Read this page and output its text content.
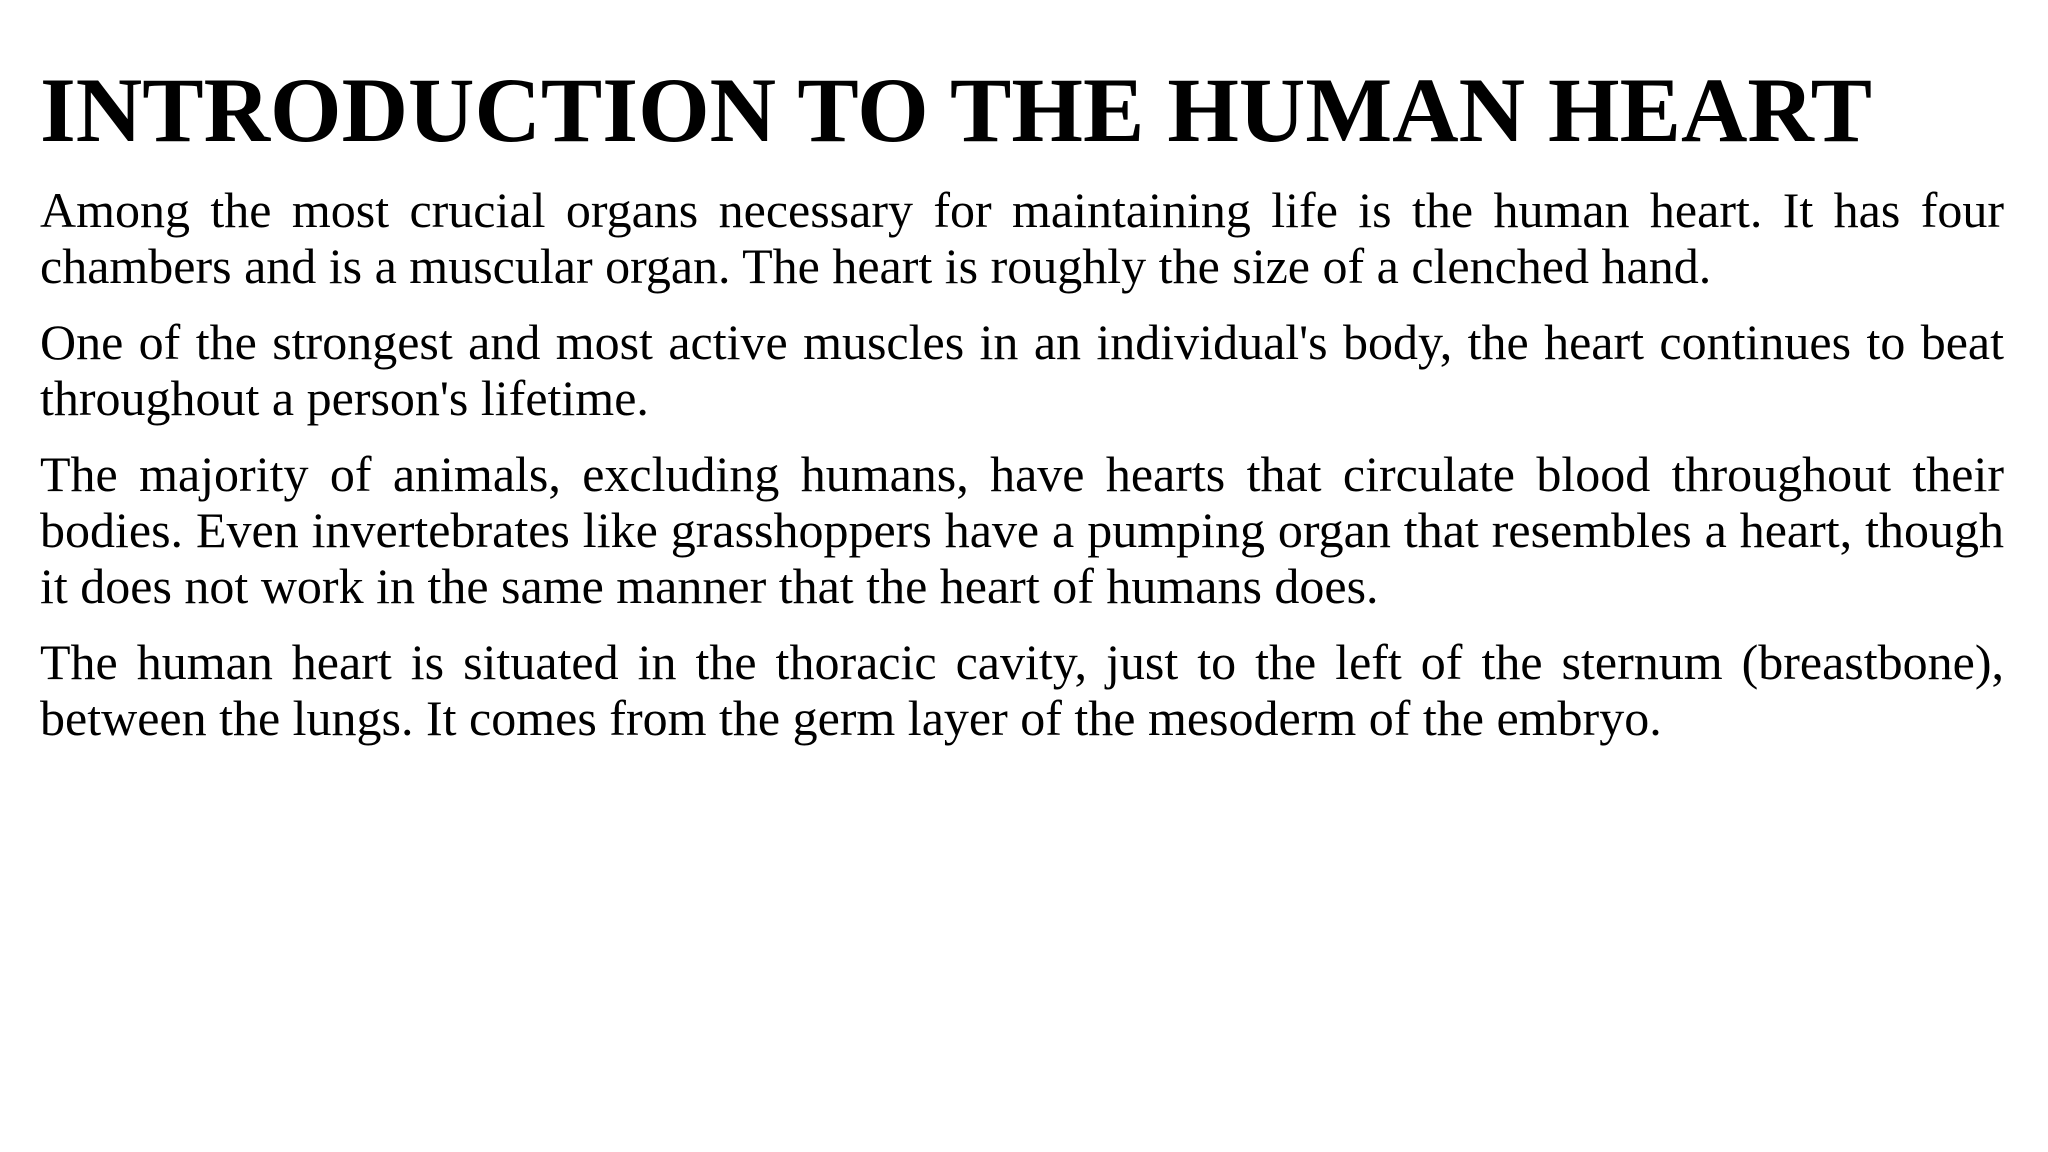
INTRODUCTION TO THE HUMAN HEART

Among the most crucial organs necessary for maintaining life is the human heart. It has four chambers and is a muscular organ. The heart is roughly the size of a clenched hand.

One of the strongest and most active muscles in an individual's body, the heart continues to beat throughout a person's lifetime.

The majority of animals, excluding humans, have hearts that circulate blood throughout their bodies. Even invertebrates like grasshoppers have a pumping organ that resembles a heart, though it does not work in the same manner that the heart of humans does.

The human heart is situated in the thoracic cavity, just to the left of the sternum (breastbone), between the lungs. It comes from the germ layer of the mesoderm of the embryo.
